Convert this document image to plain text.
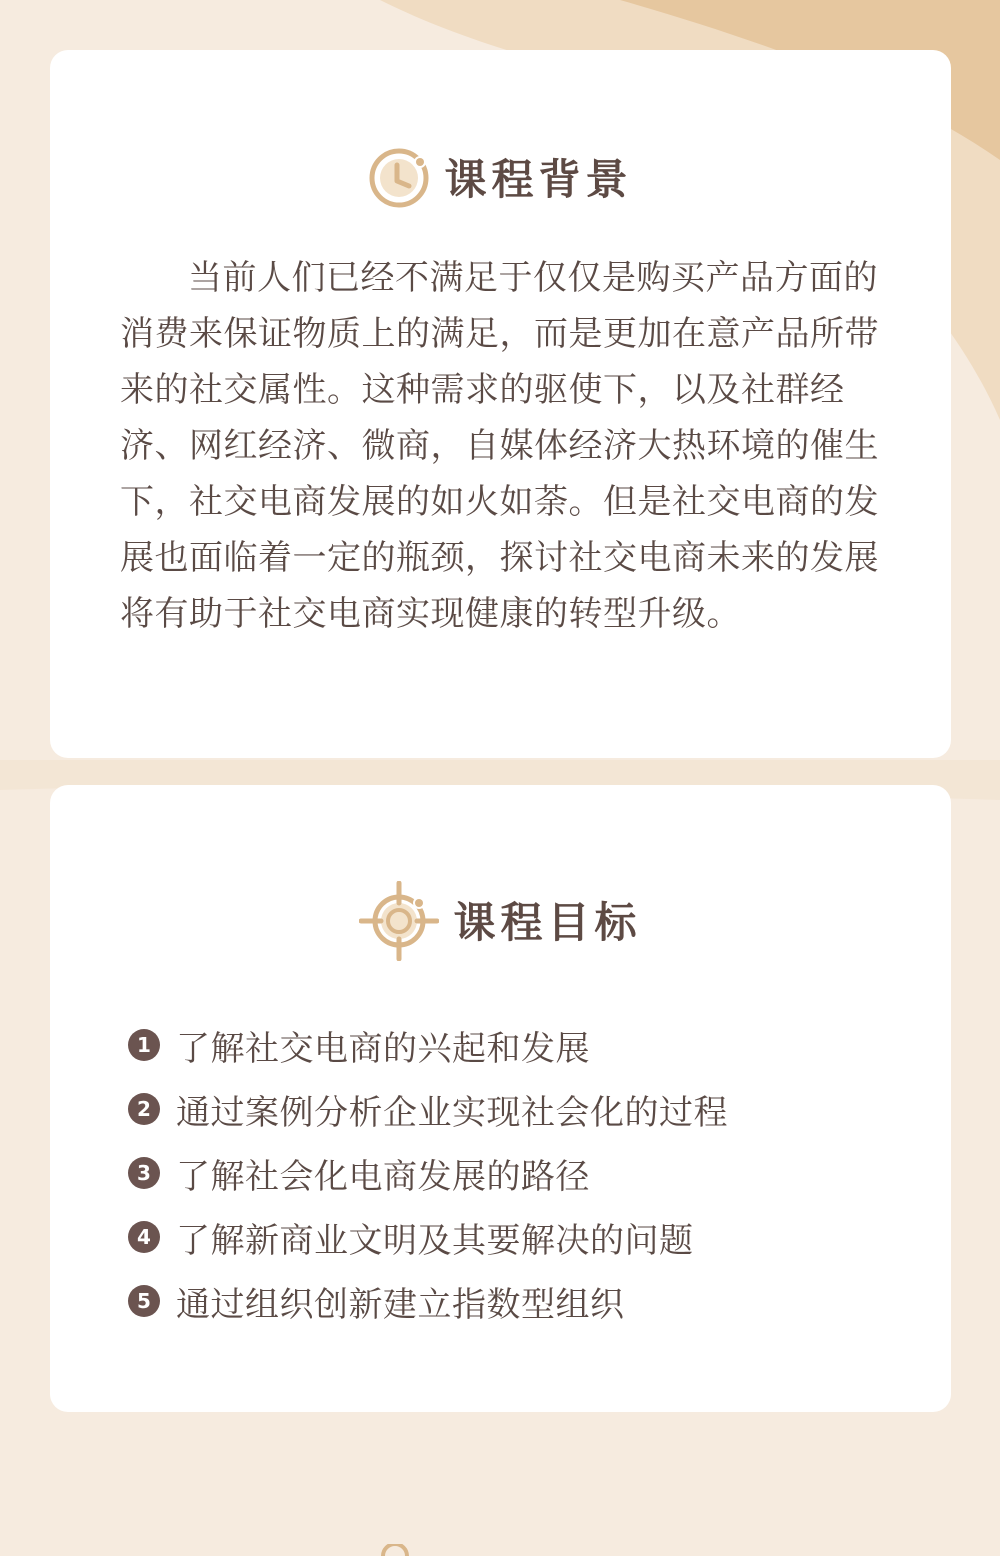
课程背景

当前人们已经不满足于仅仅是购买产品方面的消费来保证物质上的满足，而是更加在意产品所带来的社交属性。这种需求的驱使下，以及社群经济、网红经济、微商，自媒体经济大热环境的催生下，社交电商发展的如火如荼。但是社交电商的发展也面临着一定的瓶颈，探讨社交电商未来的发展将有助于社交电商实现健康的转型升级。

课程目标
1 了解社交电商的兴起和发展
2 通过案例分析企业实现社会化的过程
3 了解社会化电商发展的路径
4 了解新商业文明及其要解决的问题
5 通过组织创新建立指数型组织
